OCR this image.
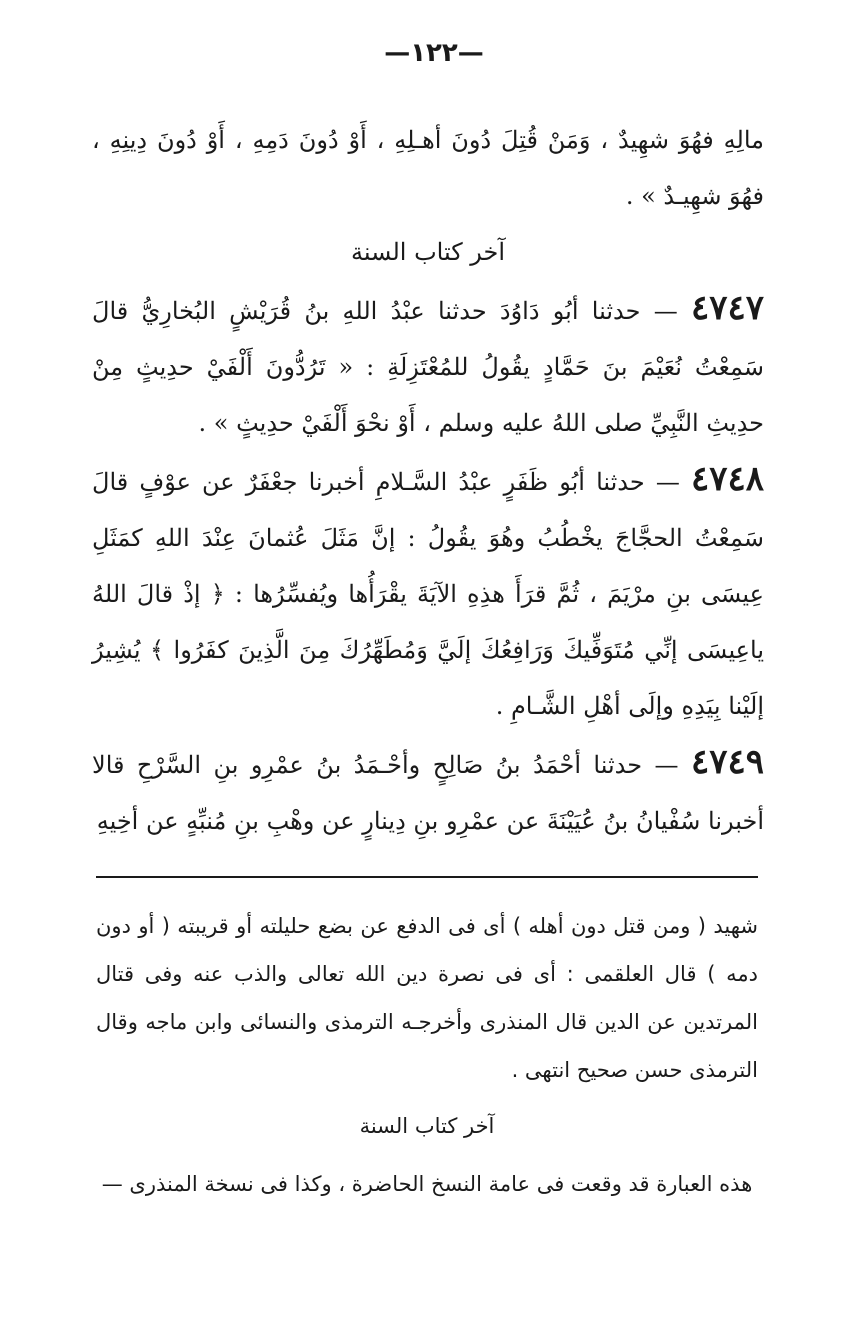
—١٢٢—

مالِهِ فهُوَ شهِيدٌ ، وَمَنْ قُتِلَ دُونَ أهـلِهِ ، أَوْ دُونَ دَمِهِ ، أَوْ دُونَ دِينِهِ ، فهُوَ شهِيـدٌ » .

آخر كتاب السنة

٤٧٤٧ — حدثنا أبُو دَاوُدَ حدثنا عبْدُ اللهِ بنُ قُرَيْشٍ البُخارِيُّ قالَ سَمِعْتُ نُعَيْمَ بنَ حَمَّادٍ يقُولُ للمُعْتَزِلَةِ : « تَرُدُّونَ أَلْفَيْ حدِيثٍ مِنْ حدِيثِ النَّبِيِّ صلى اللهُ عليه وسلم ، أَوْ نحْوَ أَلْفَيْ حدِيثٍ » .

٤٧٤٨ — حدثنا أبُو ظَفَرٍ عبْدُ السَّـلامِ أخبرنا جعْفَرٌ عن عوْفٍ قالَ سَمِعْتُ الحجَّاجَ يخْطُبُ وهُوَ يقُولُ : إنَّ مَثَلَ عُثمانَ عِنْدَ اللهِ كمَثَلِ عِيسَى بنِ مرْيَمَ ، ثُمَّ قرَأَ هذِهِ الآيَةَ يقْرَأُها ويُفسِّرُها : ﴿ إذْ قالَ اللهُ ياعِيسَى إنِّي مُتَوَفِّيكَ وَرَافِعُكَ إلَيَّ وَمُطَهِّرُكَ مِنَ الَّذِينَ كفَرُوا ﴾ يُشِيرُ إلَيْنا بِيَدِهِ وإلَى أهْلِ الشَّـامِ .

٤٧٤٩ — حدثنا أحْمَدُ بنُ صَالِحٍ وأحْـمَدُ بنُ عمْرِو بنِ السَّرْحِ قالا أخبرنا سُفْيانُ بنُ عُيَيْنَةَ عن عمْرِو بنِ دِينارٍ عن وهْبِ بنِ مُنبِّهٍ عن أخِيهِ

شهيد ( ومن قتل دون أهله ) أى فى الدفع عن بضع حليلته أو قريبته ( أو دون دمه ) قال العلقمى : أى فى نصرة دين الله تعالى والذب عنه وفى قتال المرتدين عن الدين قال المنذرى وأخرجـه الترمذى والنسائى وابن ماجه وقال الترمذى حسن صحيح انتهى .

آخر كتاب السنة

هذه العبارة قد وقعت فى عامة النسخ الحاضرة ، وكذا فى نسخة المنذرى —
